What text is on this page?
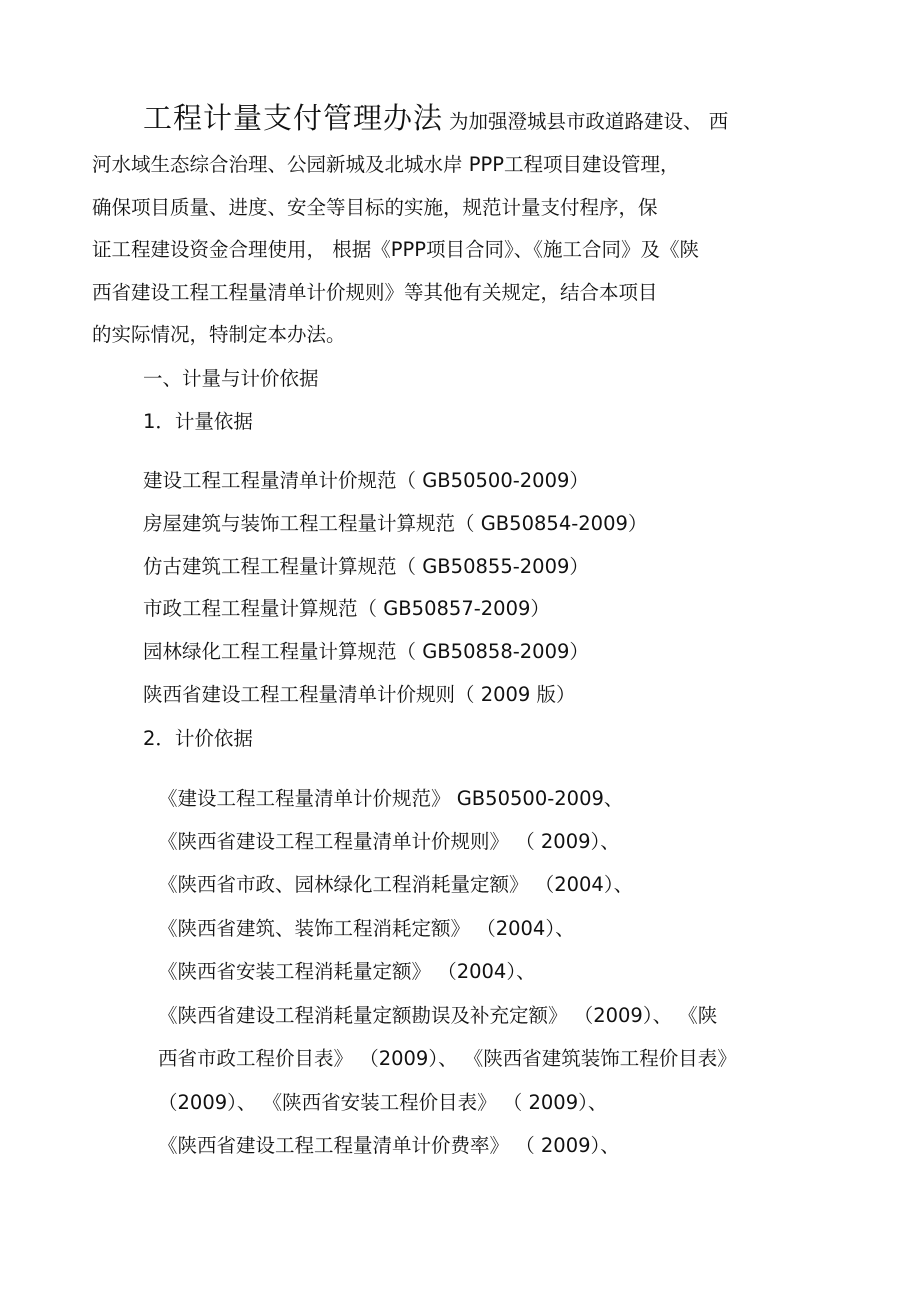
工程计量支付管理办法 为加强澄城县市政道路建设、 西
河水域生态综合治理、公园新城及北城水岸 PPP工程项目建设管理，
确保项目质量、进度、安全等目标的实施，规范计量支付程序，保
证工程建设资金合理使用， 根据《PPP项目合同》、《施工合同》及《陕
西省建设工程工程量清单计价规则》等其他有关规定，结合本项目
的实际情况，特制定本办法。
一、计量与计价依据
1．计量依据
建设工程工程量清单计价规范（ GB50500-2009）
房屋建筑与装饰工程工程量计算规范（ GB50854-2009）
仿古建筑工程工程量计算规范（ GB50855-2009）
市政工程工程量计算规范（ GB50857-2009）
园林绿化工程工程量计算规范（ GB50858-2009）
陕西省建设工程工程量清单计价规则（ 2009 版）
2．计价依据
《建设工程工程量清单计价规范》 GB50500-2009、
《陕西省建设工程工程量清单计价规则》 （ 2009）、
《陕西省市政、园林绿化工程消耗量定额》 （2004）、
《陕西省建筑、装饰工程消耗定额》 （2004）、
《陕西省安装工程消耗量定额》 （2004）、
《陕西省建设工程消耗量定额勘误及补充定额》 （2009）、 《陕
西省市政工程价目表》 （2009）、 《陕西省建筑装饰工程价目表》
（2009）、 《陕西省安装工程价目表》 （ 2009）、
《陕西省建设工程工程量清单计价费率》 （ 2009）、
